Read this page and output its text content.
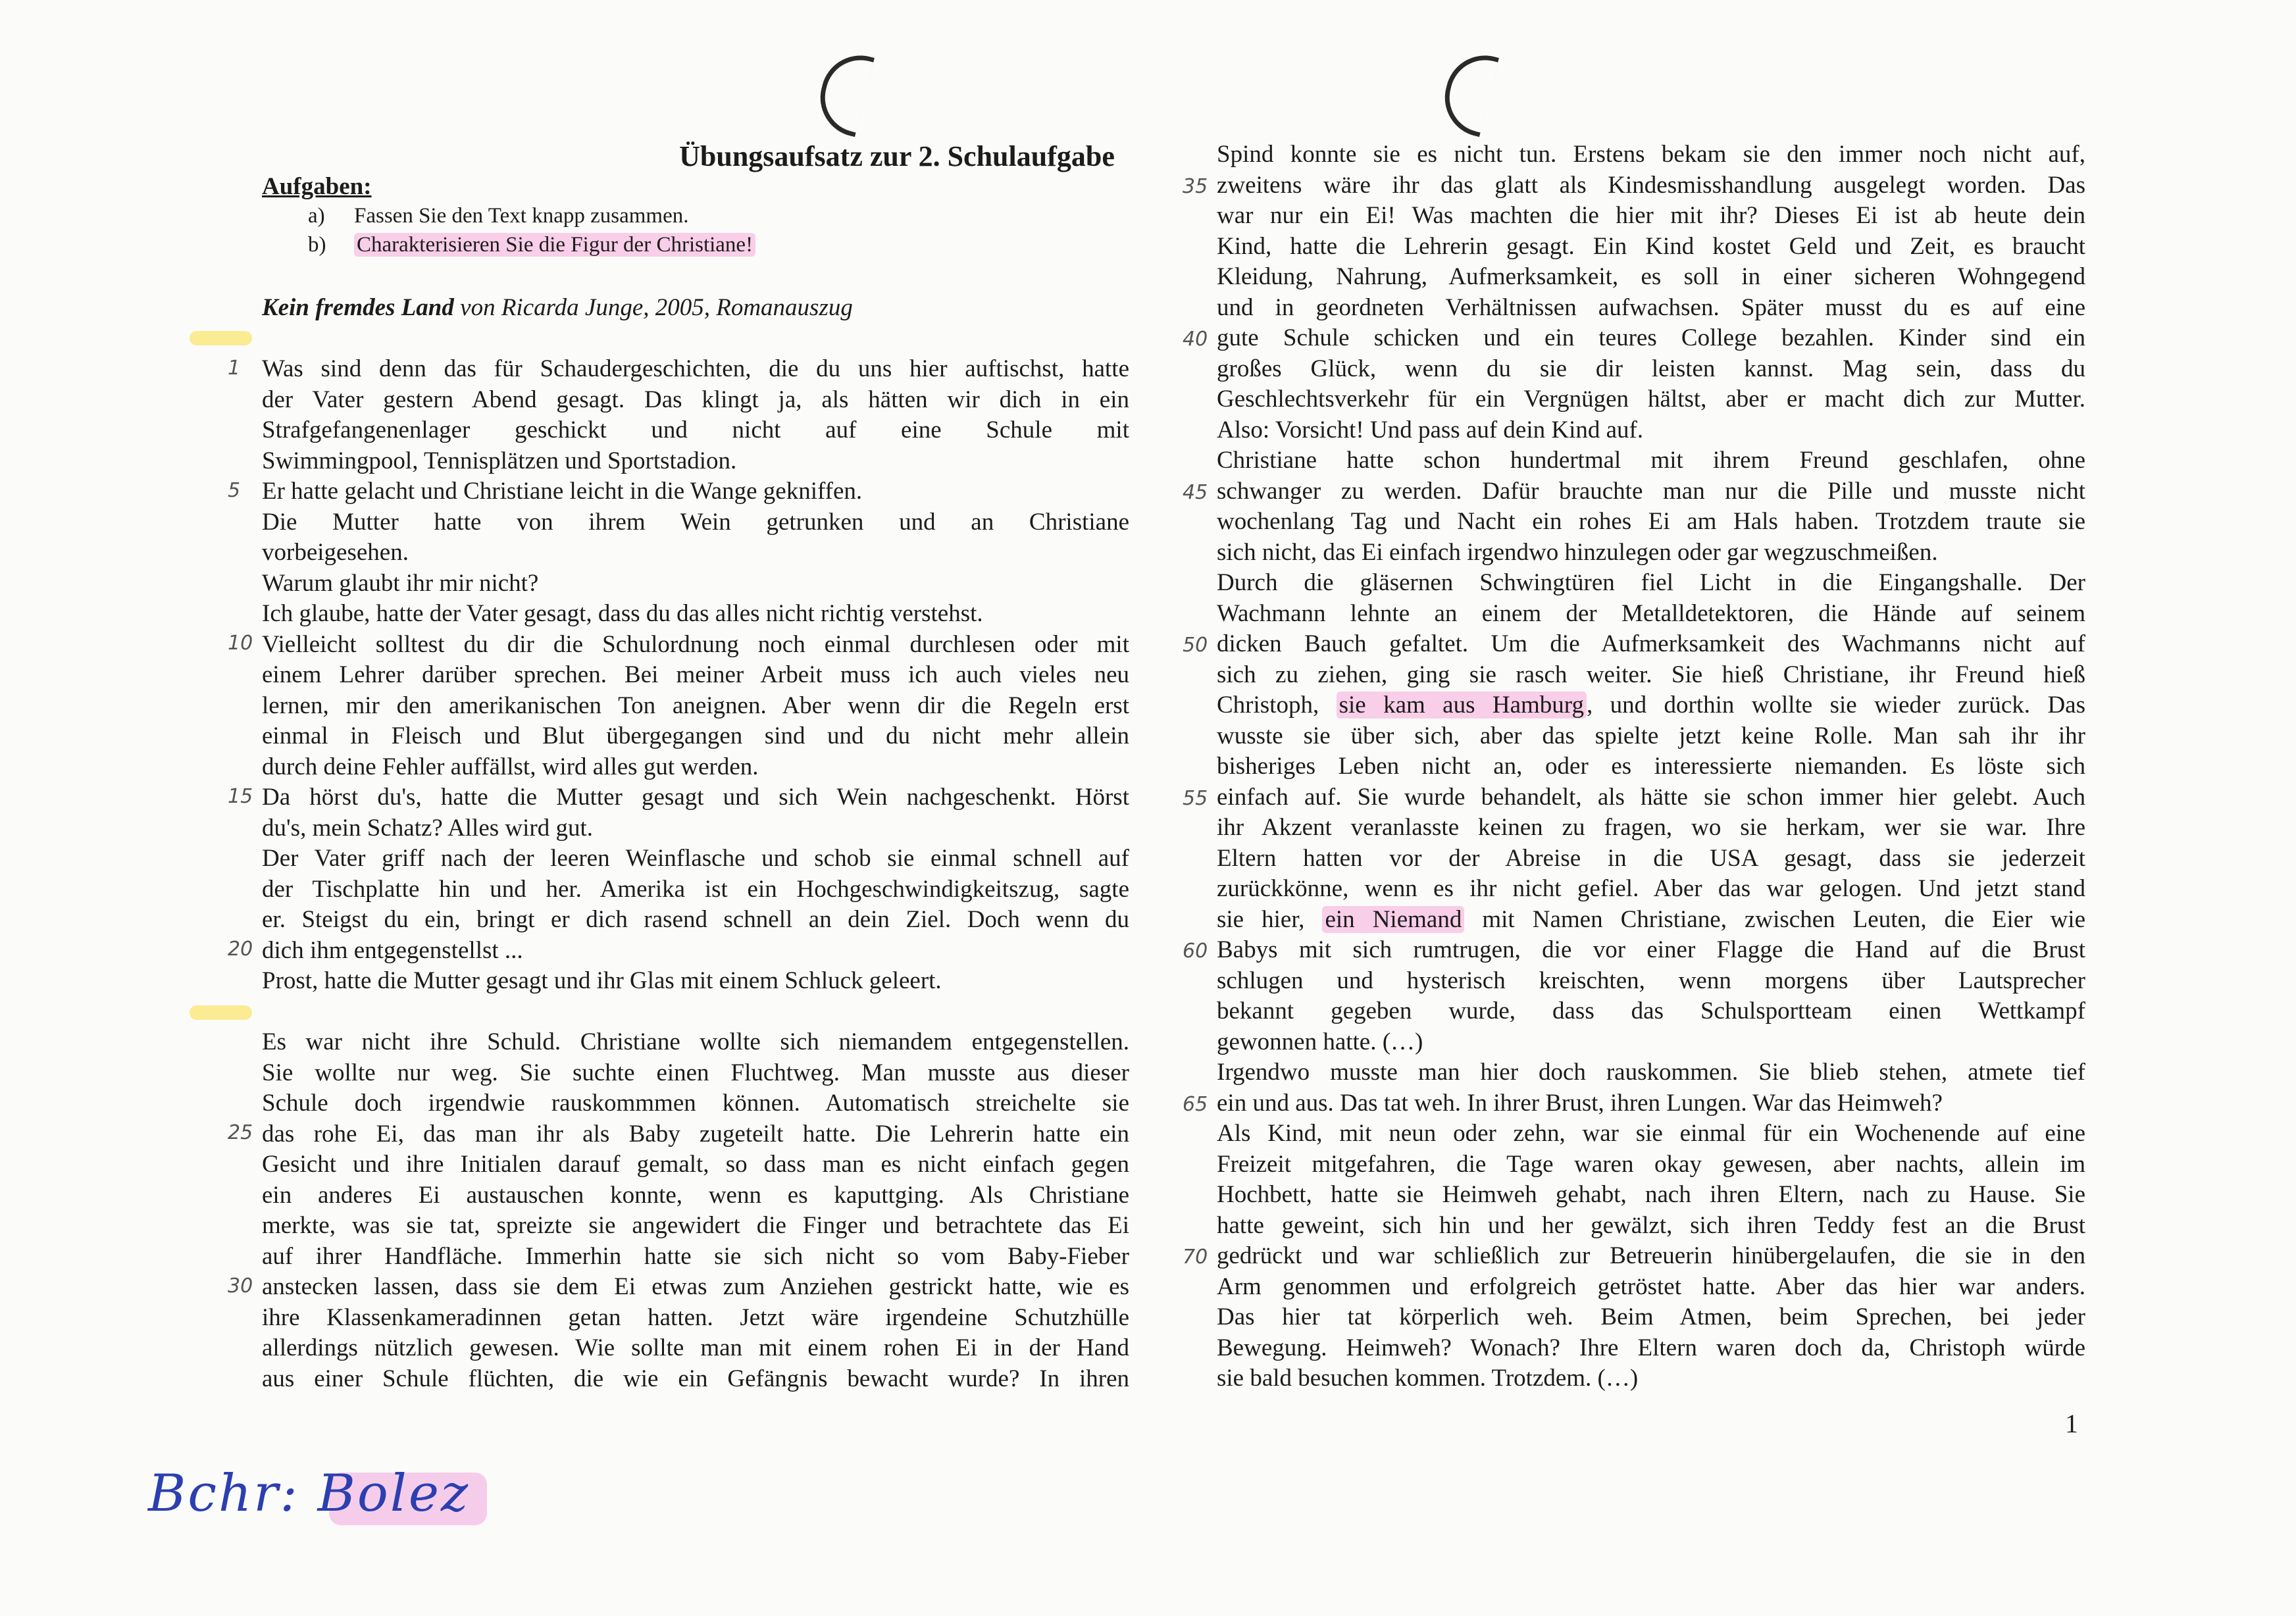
Übungsaufsatz zur 2. Schulaufgabe
Aufgaben:
a) Fassen Sie den Text knapp zusammen.
b) Charakterisieren Sie die Figur der Christiane!
Kein fremdes Land von Ricarda Junge, 2005, Romanauszug
Was sind denn das für Schaudergeschichten, die du uns hier auftischst, hatte
der Vater gestern Abend gesagt. Das klingt ja, als hätten wir dich in ein
Strafgefangenenlager geschickt und nicht auf eine Schule mit
Swimmingpool, Tennisplätzen und Sportstadion.
Er hatte gelacht und Christiane leicht in die Wange gekniffen.
Die Mutter hatte von ihrem Wein getrunken und an Christiane
vorbeigesehen.
Warum glaubt ihr mir nicht?
Ich glaube, hatte der Vater gesagt, dass du das alles nicht richtig verstehst.
Vielleicht solltest du dir die Schulordnung noch einmal durchlesen oder mit
einem Lehrer darüber sprechen. Bei meiner Arbeit muss ich auch vieles neu
lernen, mir den amerikanischen Ton aneignen. Aber wenn dir die Regeln erst
einmal in Fleisch und Blut übergegangen sind und du nicht mehr allein
durch deine Fehler auffällst, wird alles gut werden.
Da hörst du's, hatte die Mutter gesagt und sich Wein nachgeschenkt. Hörst
du's, mein Schatz? Alles wird gut.
Der Vater griff nach der leeren Weinflasche und schob sie einmal schnell auf
der Tischplatte hin und her. Amerika ist ein Hochgeschwindigkeitszug, sagte
er. Steigst du ein, bringt er dich rasend schnell an dein Ziel. Doch wenn du
dich ihm entgegenstellst ...
Prost, hatte die Mutter gesagt und ihr Glas mit einem Schluck geleert.
Es war nicht ihre Schuld. Christiane wollte sich niemandem entgegenstellen.
Sie wollte nur weg. Sie suchte einen Fluchtweg. Man musste aus dieser
Schule doch irgendwie rauskommmen können. Automatisch streichelte sie
das rohe Ei, das man ihr als Baby zugeteilt hatte. Die Lehrerin hatte ein
Gesicht und ihre Initialen darauf gemalt, so dass man es nicht einfach gegen
ein anderes Ei austauschen konnte, wenn es kaputtging. Als Christiane
merkte, was sie tat, spreizte sie angewidert die Finger und betrachtete das Ei
auf ihrer Handfläche. Immerhin hatte sie sich nicht so vom Baby-Fieber
anstecken lassen, dass sie dem Ei etwas zum Anziehen gestrickt hatte, wie es
ihre Klassenkameradinnen getan hatten. Jetzt wäre irgendeine Schutzhülle
allerdings nützlich gewesen. Wie sollte man mit einem rohen Ei in der Hand
aus einer Schule flüchten, die wie ein Gefängnis bewacht wurde? In ihren
1
5
10
15
20
25
30
Spind konnte sie es nicht tun. Erstens bekam sie den immer noch nicht auf,
zweitens wäre ihr das glatt als Kindesmisshandlung ausgelegt worden. Das
war nur ein Ei! Was machten die hier mit ihr? Dieses Ei ist ab heute dein
Kind, hatte die Lehrerin gesagt. Ein Kind kostet Geld und Zeit, es braucht
Kleidung, Nahrung, Aufmerksamkeit, es soll in einer sicheren Wohngegend
und in geordneten Verhältnissen aufwachsen. Später musst du es auf eine
gute Schule schicken und ein teures College bezahlen. Kinder sind ein
großes Glück, wenn du sie dir leisten kannst. Mag sein, dass du
Geschlechtsverkehr für ein Vergnügen hältst, aber er macht dich zur Mutter.
Also: Vorsicht! Und pass auf dein Kind auf.
Christiane hatte schon hundertmal mit ihrem Freund geschlafen, ohne
schwanger zu werden. Dafür brauchte man nur die Pille und musste nicht
wochenlang Tag und Nacht ein rohes Ei am Hals haben. Trotzdem traute sie
sich nicht, das Ei einfach irgendwo hinzulegen oder gar wegzuschmeißen.
Durch die gläsernen Schwingtüren fiel Licht in die Eingangshalle. Der
Wachmann lehnte an einem der Metalldetektoren, die Hände auf seinem
dicken Bauch gefaltet. Um die Aufmerksamkeit des Wachmanns nicht auf
sich zu ziehen, ging sie rasch weiter. Sie hieß Christiane, ihr Freund hieß
Christoph, sie kam aus Hamburg , und dorthin wollte sie wieder zurück. Das
wusste sie über sich, aber das spielte jetzt keine Rolle. Man sah ihr ihr
bisheriges Leben nicht an, oder es interessierte niemanden. Es löste sich
einfach auf. Sie wurde behandelt, als hätte sie schon immer hier gelebt. Auch
ihr Akzent veranlasste keinen zu fragen, wo sie herkam, wer sie war. Ihre
Eltern hatten vor der Abreise in die USA gesagt, dass sie jederzeit
zurückkönne, wenn es ihr nicht gefiel. Aber das war gelogen. Und jetzt stand
sie hier, ein Niemand mit Namen Christiane, zwischen Leuten, die Eier wie
Babys mit sich rumtrugen, die vor einer Flagge die Hand auf die Brust
schlugen und hysterisch kreischten, wenn morgens über Lautsprecher
bekannt gegeben wurde, dass das Schulsportteam einen Wettkampf
gewonnen hatte. (…)
Irgendwo musste man hier doch rauskommen. Sie blieb stehen, atmete tief
ein und aus. Das tat weh. In ihrer Brust, ihren Lungen. War das Heimweh?
Als Kind, mit neun oder zehn, war sie einmal für ein Wochenende auf eine
Freizeit mitgefahren, die Tage waren okay gewesen, aber nachts, allein im
Hochbett, hatte sie Heimweh gehabt, nach ihren Eltern, nach zu Hause. Sie
hatte geweint, sich hin und her gewälzt, sich ihren Teddy fest an die Brust
gedrückt und war schließlich zur Betreuerin hinübergelaufen, die sie in den
Arm genommen und erfolgreich getröstet hatte. Aber das hier war anders.
Das hier tat körperlich weh. Beim Atmen, beim Sprechen, bei jeder
Bewegung. Heimweh? Wonach? Ihre Eltern waren doch da, Christoph würde
sie bald besuchen kommen. Trotzdem. (…)
35
40
45
50
55
60
65
70
1
Bchr: Bolez
